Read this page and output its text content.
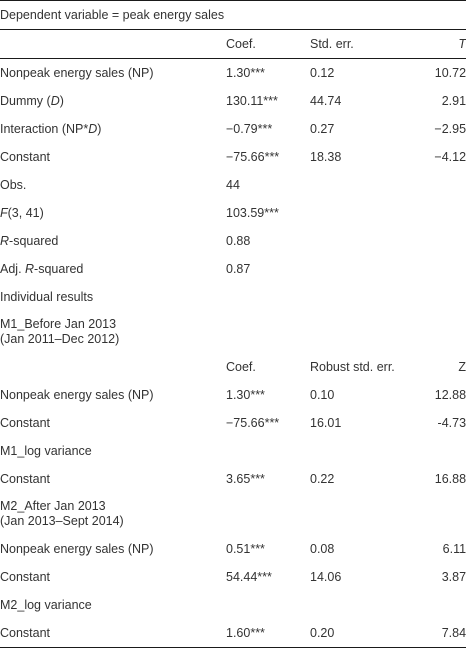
Dependent variable = peak energy sales			
	Coef.	Std. err.	T
Nonpeak energy sales (NP)	1.30***	0.12	10.72
Dummy (D)	130.11***	44.74	2.91
Interaction (NP*D)	−0.79***	0.27	−2.95
Constant	−75.66***	18.38	−4.12
Obs.	44		
F(3, 41)	103.59***		
R-squared	0.88		
Adj. R-squared	0.87		
Individual results			

M1_Before Jan 2013
(Jan 2011–Dec 2012)			

	Coef.	Robust std. err.	Z
Nonpeak energy sales (NP)	1.30***	0.10	12.88
Constant	−75.66***	16.01	-4.73
M1_log variance			
Constant	3.65***	0.22	16.88

M2_After Jan 2013
(Jan 2013–Sept 2014)			

Nonpeak energy sales (NP)	0.51***	0.08	6.11
Constant	54.44***	14.06	3.87
M2_log variance			
Constant	1.60***	0.20	7.84
